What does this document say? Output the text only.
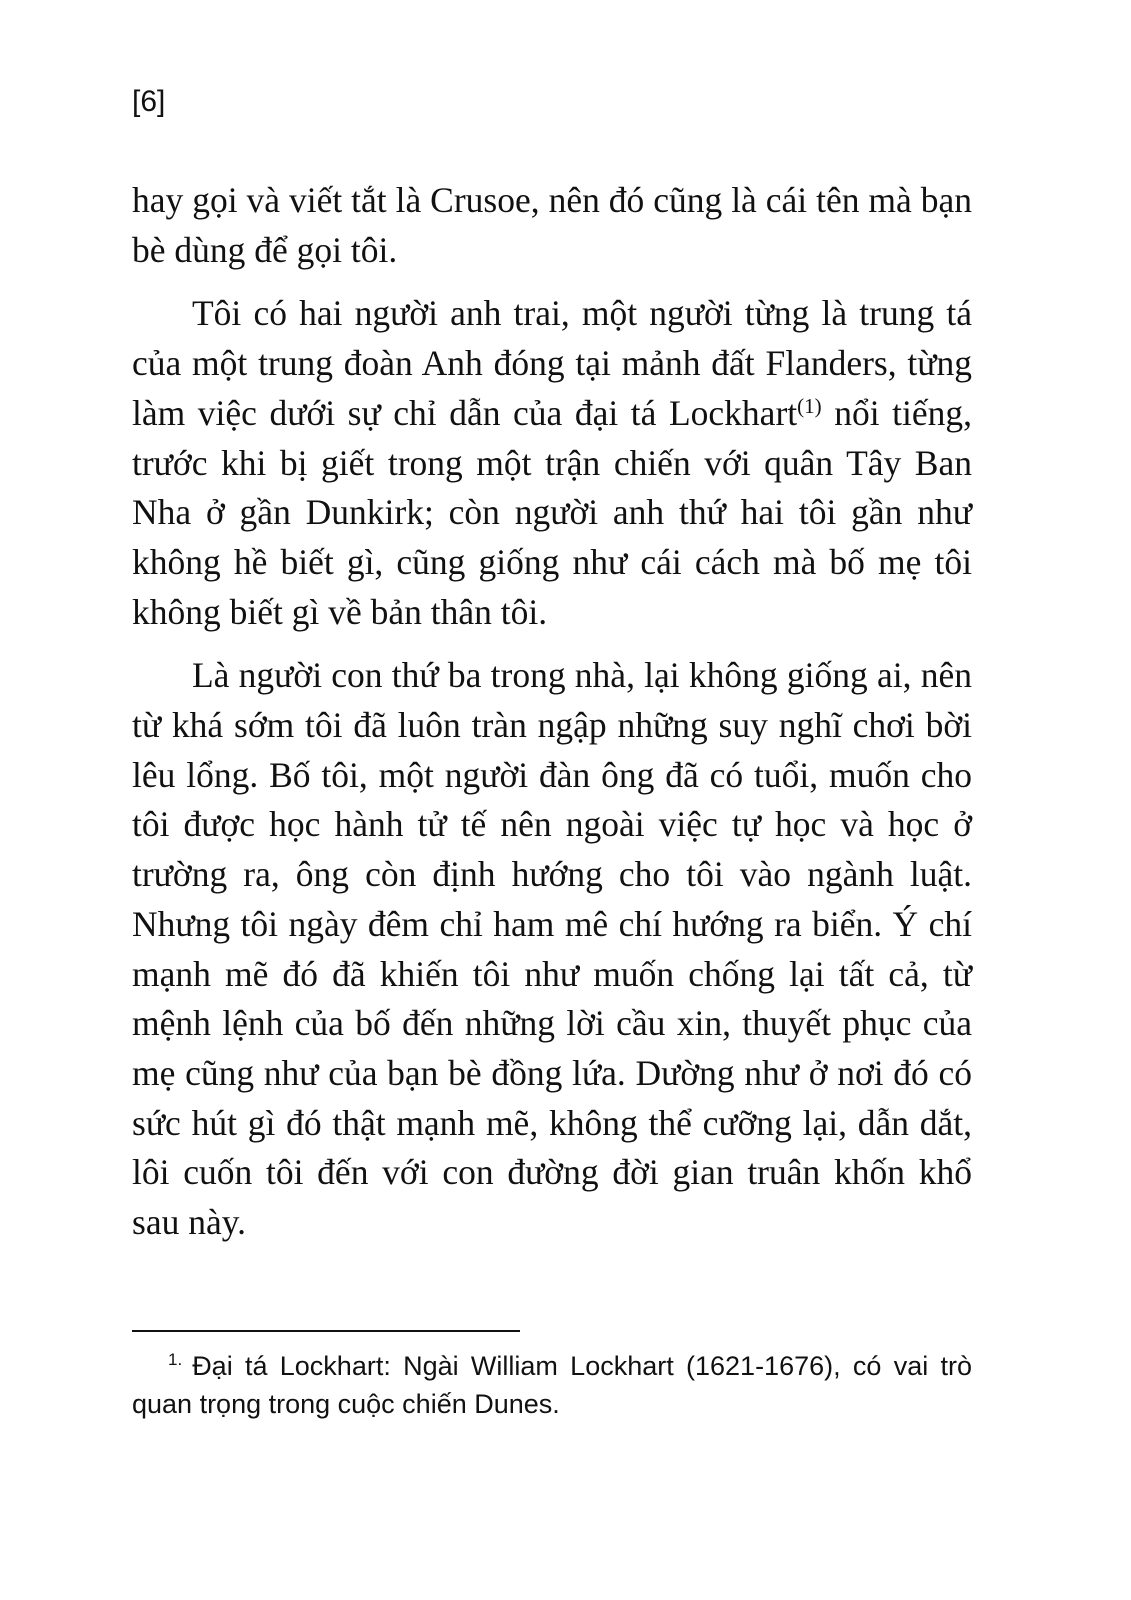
[6]

hay gọi và viết tắt là Crusoe, nên đó cũng là cái tên mà bạn bè dùng để gọi tôi.

Tôi có hai người anh trai, một người từng là trung tá của một trung đoàn Anh đóng tại mảnh đất Flanders, từng làm việc dưới sự chỉ dẫn của đại tá Lockhart$^{(1)}$ nổi tiếng, trước khi bị giết trong một trận chiến với quân Tây Ban Nha ở gần Dunkirk; còn người anh thứ hai tôi gần như không hề biết gì, cũng giống như cái cách mà bố mẹ tôi không biết gì về bản thân tôi.

Là người con thứ ba trong nhà, lại không giống ai, nên từ khá sớm tôi đã luôn tràn ngập những suy nghĩ chơi bời lêu lổng. Bố tôi, một người đàn ông đã có tuổi, muốn cho tôi được học hành tử tế nên ngoài việc tự học và học ở trường ra, ông còn định hướng cho tôi vào ngành luật. Nhưng tôi ngày đêm chỉ ham mê chí hướng ra biển. Ý chí mạnh mẽ đó đã khiến tôi như muốn chống lại tất cả, từ mệnh lệnh của bố đến những lời cầu xin, thuyết phục của mẹ cũng như của bạn bè đồng lứa. Dường như ở nơi đó có sức hút gì đó thật mạnh mẽ, không thể cưỡng lại, dẫn dắt, lôi cuốn tôi đến với con đường đời gian truân khốn khổ sau này.

$^{1.}$ Đại tá Lockhart: Ngài William Lockhart (1621-1676), có vai trò quan trọng trong cuộc chiến Dunes.
